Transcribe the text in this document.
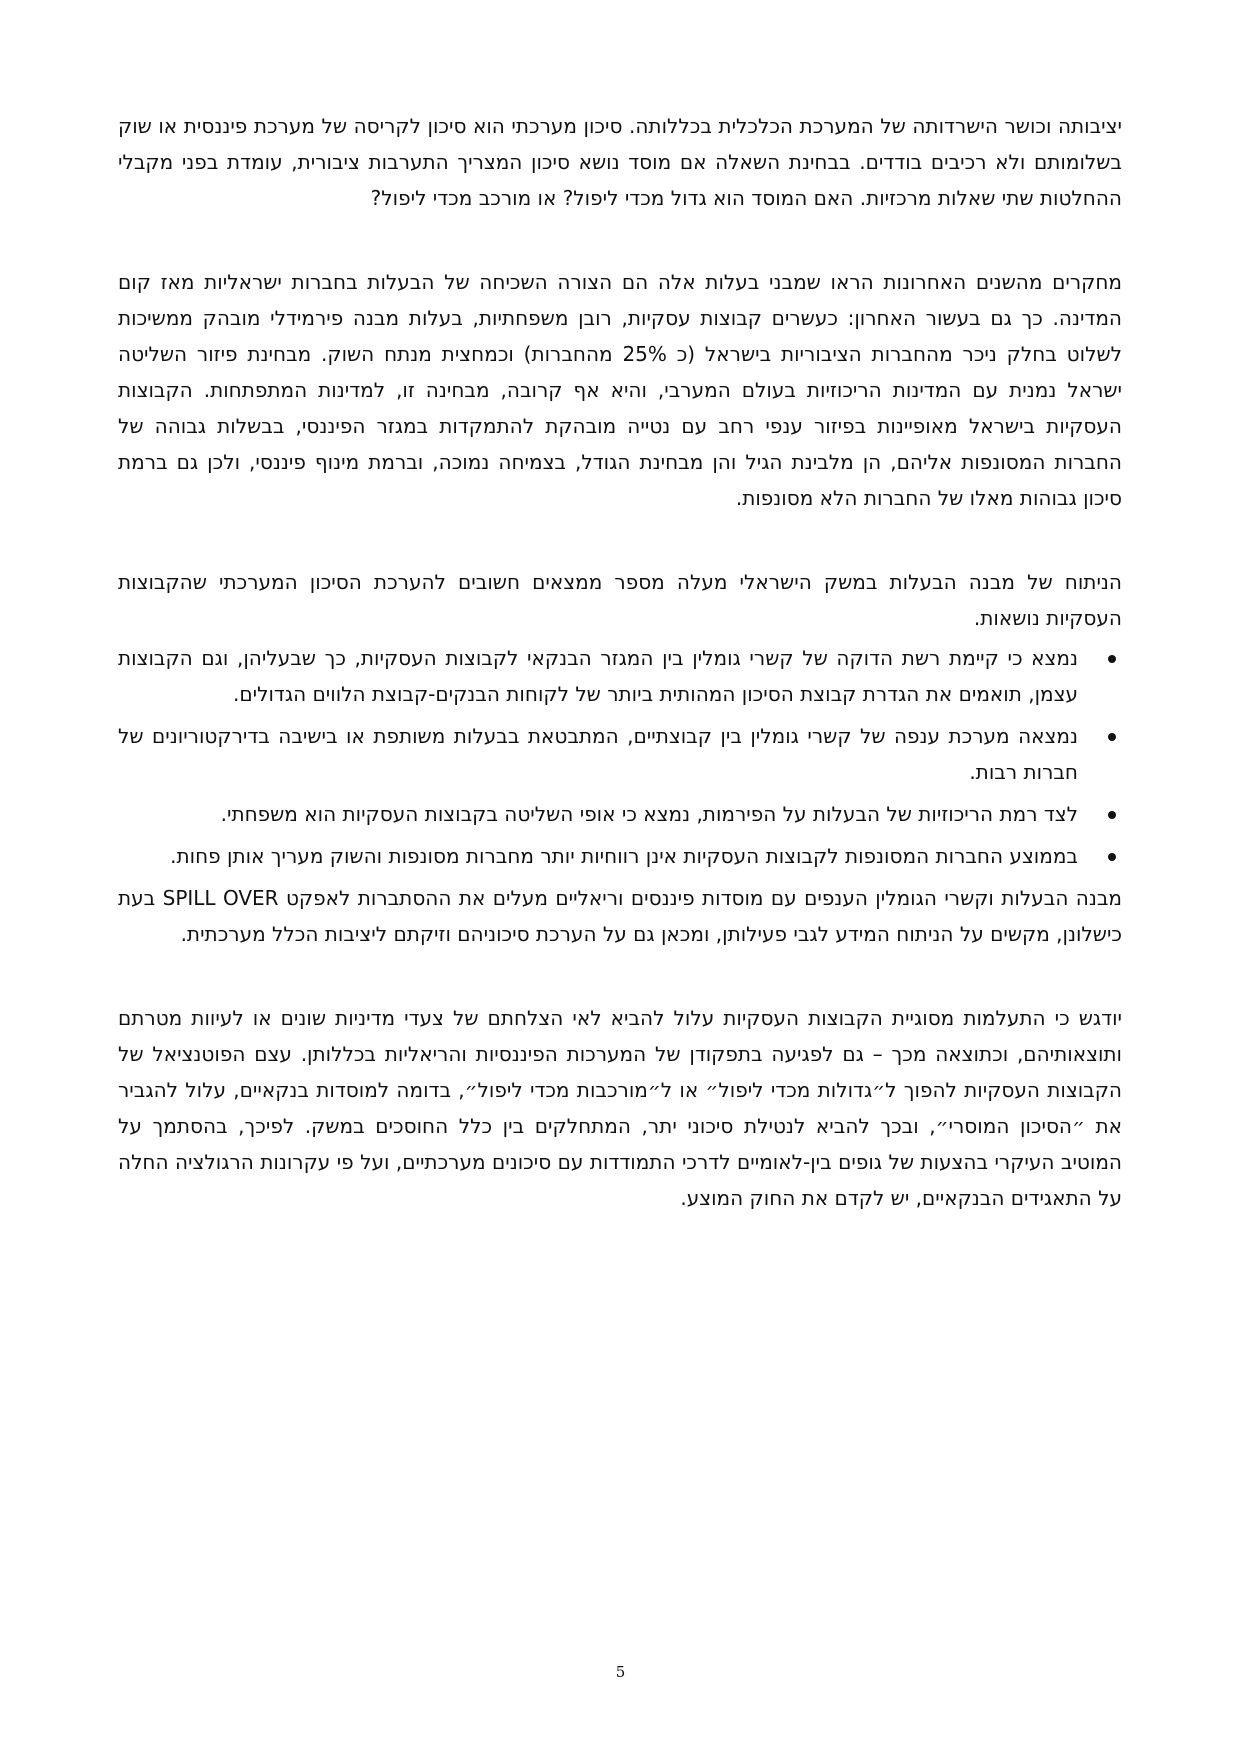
יציבותה וכושר הישרדותה של המערכת הכלכלית בכללותה. סיכון מערכתי הוא סיכון לקריסה של מערכת פיננסית או שוק בשלומותם ולא רכיבים בודדים. בבחינת השאלה אם מוסד נושא סיכון המצריך התערבות ציבורית, עומדת בפני מקבלי ההחלטות שתי שאלות מרכזיות. האם המוסד הוא גדול מכדי ליפול? או מורכב מכדי ליפול?

מחקרים מהשנים האחרונות הראו שמבני בעלות אלה הם הצורה השכיחה של הבעלות בחברות ישראליות מאז קום המדינה. כך גם בעשור האחרון: כעשרים קבוצות עסקיות, רובן משפחתיות, בעלות מבנה פירמידלי מובהק ממשיכות לשלוט בחלק ניכר מהחברות הציבוריות בישראל (כ 25% מהחברות) וכמחצית מנתח השוק. מבחינת פיזור השליטה ישראל נמנית עם המדינות הריכוזיות בעולם המערבי, והיא אף קרובה, מבחינה זו, למדינות המתפתחות. הקבוצות העסקיות בישראל מאופיינות בפיזור ענפי רחב עם נטייה מובהקת להתמקדות במגזר הפיננסי, בבשלות גבוהה של החברות המסונפות אליהם, הן מלבינת הגיל והן מבחינת הגודל, בצמיחה נמוכה, וברמת מינוף פיננסי, ולכן גם ברמת סיכון גבוהות מאלו של החברות הלא מסונפות.

הניתוח של מבנה הבעלות במשק הישראלי מעלה מספר ממצאים חשובים להערכת הסיכון המערכתי שהקבוצות העסקיות נושאות.

נמצא כי קיימת רשת הדוקה של קשרי גומלין בין המגזר הבנקאי לקבוצות העסקיות, כך שבעליהן, וגם הקבוצות עצמן, תואמים את הגדרת קבוצת הסיכון המהותית ביותר של לקוחות הבנקים-קבוצת הלווים הגדולים.
נמצאה מערכת ענפה של קשרי גומלין בין קבוצתיים, המתבטאת בבעלות משותפת או בישיבה בדירקטוריונים של חברות רבות.
לצד רמת הריכוזיות של הבעלות על הפירמות, נמצא כי אופי השליטה בקבוצות העסקיות הוא משפחתי.
בממוצע החברות המסונפות לקבוצות העסקיות אינן רווחיות יותר מחברות מסונפות והשוק מעריך אותן פחות.

מבנה הבעלות וקשרי הגומלין הענפים עם מוסדות פיננסים וריאליים מעלים את ההסתברות לאפקט SPILL OVER בעת כישלונן, מקשים על הניתוח המידע לגבי פעילותן, ומכאן גם על הערכת סיכוניהם וזיקתם ליציבות הכלל מערכתית.

יודגש כי התעלמות מסוגיית הקבוצות העסקיות עלול להביא לאי הצלחתם של צעדי מדיניות שונים או לעיוות מטרתם ותוצאותיהם, וכתוצאה מכך – גם לפגיעה בתפקודן של המערכות הפיננסיות והריאליות בכללותן. עצם הפוטנציאל של הקבוצות העסקיות להפוך ל״גדולות מכדי ליפול״ או ל״מורכבות מכדי ליפול״, בדומה למוסדות בנקאיים, עלול להגביר את ״הסיכון המוסרי״, ובכך להביא לנטילת סיכוני יתר, המתחלקים בין כלל החוסכים במשק. לפיכך, בהסתמך על המוטיב העיקרי בהצעות של גופים בין-לאומיים לדרכי התמודדות עם סיכונים מערכתיים, ועל פי עקרונות הרגולציה החלה על התאגידים הבנקאיים, יש לקדם את החוק המוצע.

5
